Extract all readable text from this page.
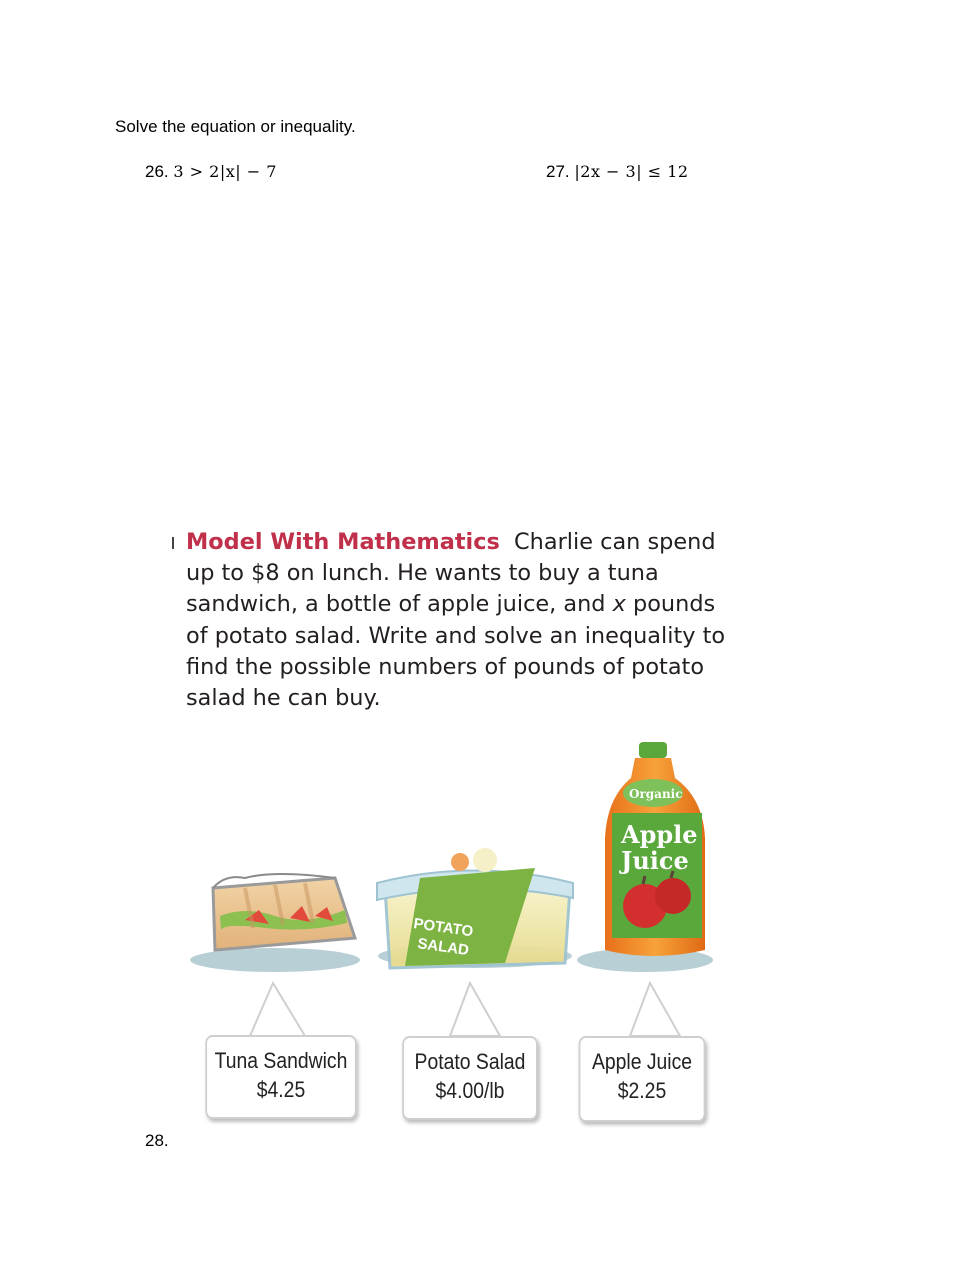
Solve the equation or inequality.
26. 3 > 2|x| − 7	27. |2x − 3| ≤ 12
Model With Mathematics Charlie can spend up to $8 on lunch. He wants to buy a tuna sandwich, a bottle of apple juice, and x pounds of potato salad. Write and solve an inequality to find the possible numbers of pounds of potato salad he can buy.
POTATO
SALAD
Organic
Apple
Juice
Tuna Sandwich
$4.25
Potato Salad
$4.00/lb
Apple Juice
$2.25
28.
